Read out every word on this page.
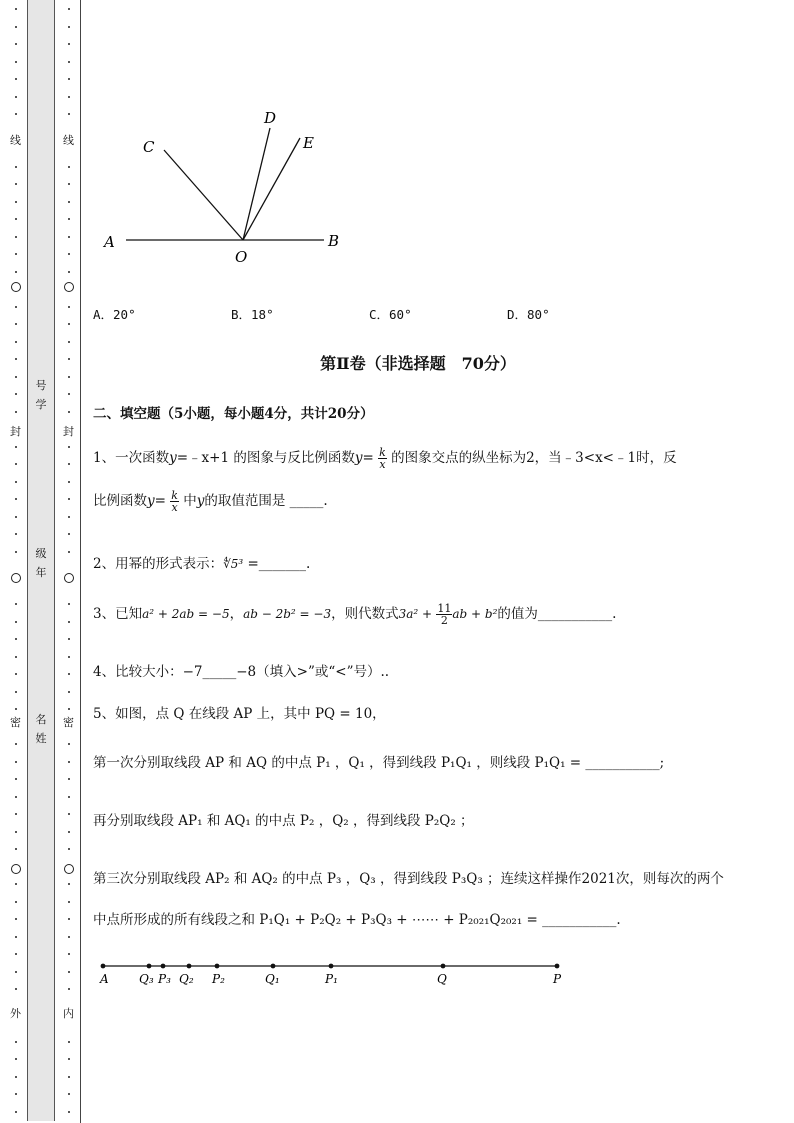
号
学
级
年
名
姓
线
封
密
外
线
封
密
内
A	B
O
C
D
E
A．20°	B．18°	C．60°	D．80°
第Ⅱ卷（非选择题　70分）
二、填空题（5小题，每小题4分，共计20分）
1、一次函数y=﹣x+1 的图象与反比例函数$y= \frac{k}{x}$ 的图象交点的纵坐标为2，当﹣3<x<﹣1时，反
比例函数$y= \frac{k}{x}$ 中y的取值范围是 _____.
2、用幂的形式表示：∜5³ =_______.
3、已知a² + 2ab = −5，ab − 2b² = −3，则代数式$3a^2 + \frac{11}{2}$ ab + b²的值为___________.
4、比较大小：−7_____−8（填入>”或“<”号）..
5、如图，点 Q 在线段 AP 上，其中 PQ = 10，
第一次分别取线段 AP 和 AQ 的中点 P₁ ，Q₁ ，得到线段 P₁Q₁ ，则线段 P₁Q₁ = ___________;
再分别取线段 AP₁ 和 AQ₁ 的中点 P₂ ，Q₂ ，得到线段 P₂Q₂ ；
第三次分别取线段 AP₂ 和 AQ₂ 的中点 P₃ ，Q₃ ，得到线段 P₃Q₃ ；连续这样操作2021次，则每次的两个
中点所形成的所有线段之和 P₁Q₁ + P₂Q₂ + P₃Q₃ + ⋯⋯ + P₂₀₂₁Q₂₀₂₁ = ___________.
A	Q₃ P₃ Q₂ P₂	Q₁	P₁	Q	P
